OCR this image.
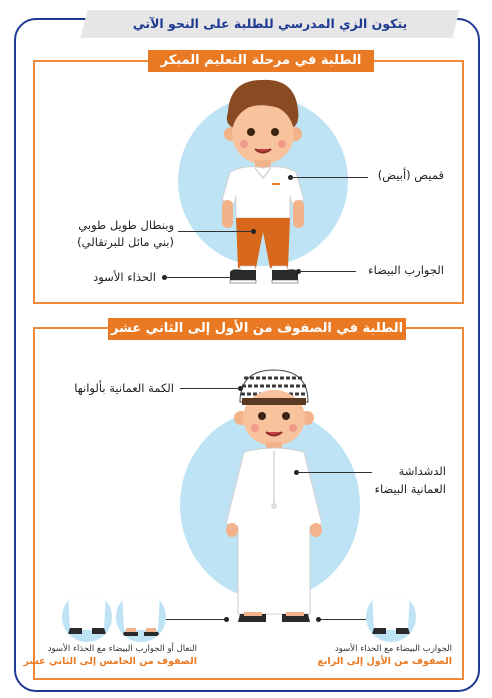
يتكون الزي المدرسي للطلبة على النحو الآتي
الطلبة في مرحلة التعليم المبكر
قميص (أبيض)
وبنطال طويل طوبي
(بني مائل للبرتقالي)
الجوارب البيضاء
الحذاء الأسود
الطلبة في الصفوف من الأول إلى الثاني عشر
الكمة العمانية بألوانها
الدشداشة
العمانية البيضاء
النعال أو الجوارب البيضاء مع الحذاء الأسود
الصفوف من الخامس إلى الثاني عشر
الجوارب البيضاء مع الحذاء الأسود
الصفوف من الأول إلى الرابع
